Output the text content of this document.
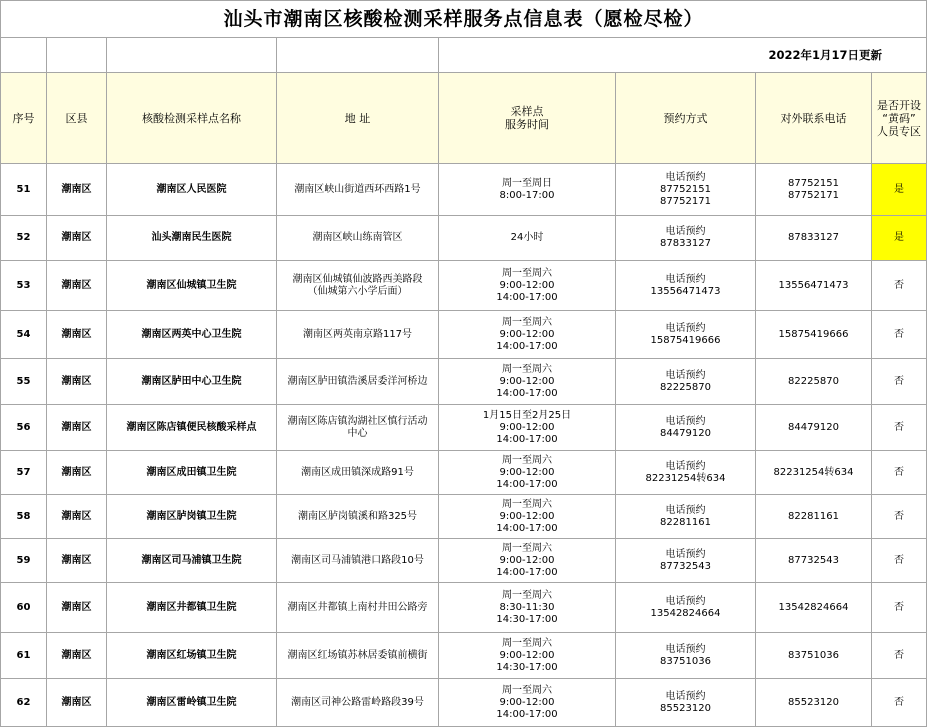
汕头市潮南区核酸检测采样服务点信息表（愿检尽检）							
				2022年1月17日更新			
序号	区县	核酸检测采样点名称	地 址	采样点
服务时间	预约方式	对外联系电话	是否开设
“黄码”
人员专区
51	潮南区	潮南区人民医院	潮南区峡山街道西环西路1号	周一至周日
8:00-17:00	电话预约
87752151
87752171	87752151
87752171	是
52	潮南区	汕头潮南民生医院	潮南区峡山练南管区	24小时	电话预约
87833127	87833127	是
53	潮南区	潮南区仙城镇卫生院	潮南区仙城镇仙波路西美路段
（仙城第六小学后面）	周一至周六
9:00-12:00
14:00-17:00	电话预约
13556471473	13556471473	否
54	潮南区	潮南区两英中心卫生院	潮南区两英南京路117号	周一至周六
9:00-12:00
14:00-17:00	电话预约
15875419666	15875419666	否
55	潮南区	潮南区胪田中心卫生院	潮南区胪田镇浩溪居委洋河桥边	周一至周六
9:00-12:00
14:00-17:00	电话预约
82225870	82225870	否
56	潮南区	潮南区陈店镇便民核酸采样点	潮南区陈店镇沟湖社区慎行活动
中心	1月15日至2月25日
9:00-12:00
14:00-17:00	电话预约
84479120	84479120	否
57	潮南区	潮南区成田镇卫生院	潮南区成田镇深成路91号	周一至周六
9:00-12:00
14:00-17:00	电话预约
82231254转634	82231254转634	否
58	潮南区	潮南区胪岗镇卫生院	潮南区胪岗镇溪和路325号	周一至周六
9:00-12:00
14:00-17:00	电话预约
82281161	82281161	否
59	潮南区	潮南区司马浦镇卫生院	潮南区司马浦镇港口路段10号	周一至周六
9:00-12:00
14:00-17:00	电话预约
87732543	87732543	否
60	潮南区	潮南区井都镇卫生院	潮南区井都镇上南村井田公路旁	周一至周六
8:30-11:30
14:30-17:00	电话预约
13542824664	13542824664	否
61	潮南区	潮南区红场镇卫生院	潮南区红场镇苏林居委镇前横街	周一至周六
9:00-12:00
14:30-17:00	电话预约
83751036	83751036	否
62	潮南区	潮南区雷岭镇卫生院	潮南区司神公路雷岭路段39号	周一至周六
9:00-12:00
14:00-17:00	电话预约
85523120	85523120	否
